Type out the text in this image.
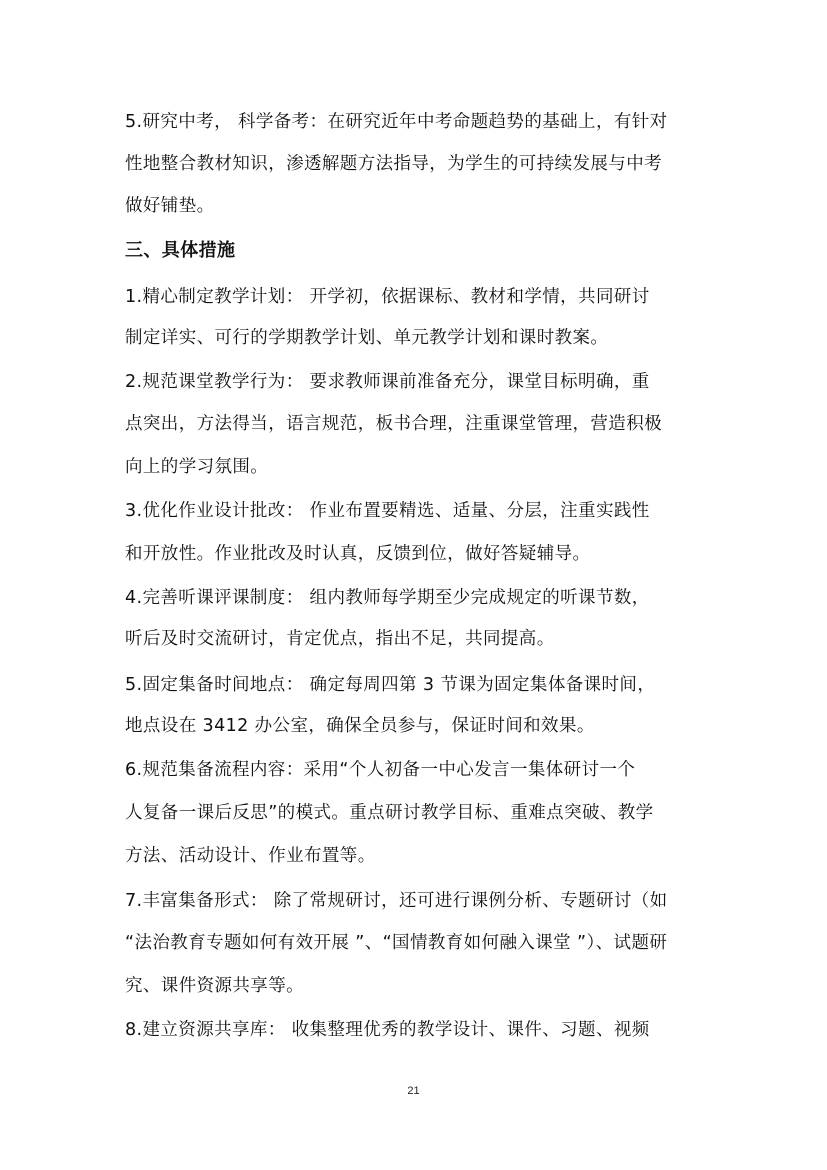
5.研究中考， 科学备考：在研究近年中考命题趋势的基础上，有针对
性地整合教材知识，渗透解题方法指导，为学生的可持续发展与中考
做好铺垫。
三、具体措施
1.精心制定教学计划： 开学初，依据课标、教材和学情，共同研讨
制定详实、可行的学期教学计划、单元教学计划和课时教案。
2.规范课堂教学行为： 要求教师课前准备充分，课堂目标明确，重
点突出，方法得当，语言规范，板书合理，注重课堂管理，营造积极
向上的学习氛围。
3.优化作业设计批改： 作业布置要精选、适量、分层，注重实践性
和开放性。作业批改及时认真，反馈到位，做好答疑辅导。
4.完善听课评课制度： 组内教师每学期至少完成规定的听课节数，
听后及时交流研讨，肯定优点，指出不足，共同提高。
5.固定集备时间地点： 确定每周四第 3 节课为固定集体备课时间，
地点设在 3412 办公室，确保全员参与，保证时间和效果。
6.规范集备流程内容：采用“个人初备一中心发言一集体研讨一个
人复备一课后反思”的模式。重点研讨教学目标、重难点突破、教学
方法、活动设计、作业布置等。
7.丰富集备形式： 除了常规研讨，还可进行课例分析、专题研讨（如
“法治教育专题如何有效开展 ”、“国情教育如何融入课堂 ”）、试题研
究、课件资源共享等。
8.建立资源共享库： 收集整理优秀的教学设计、课件、习题、视频
21
